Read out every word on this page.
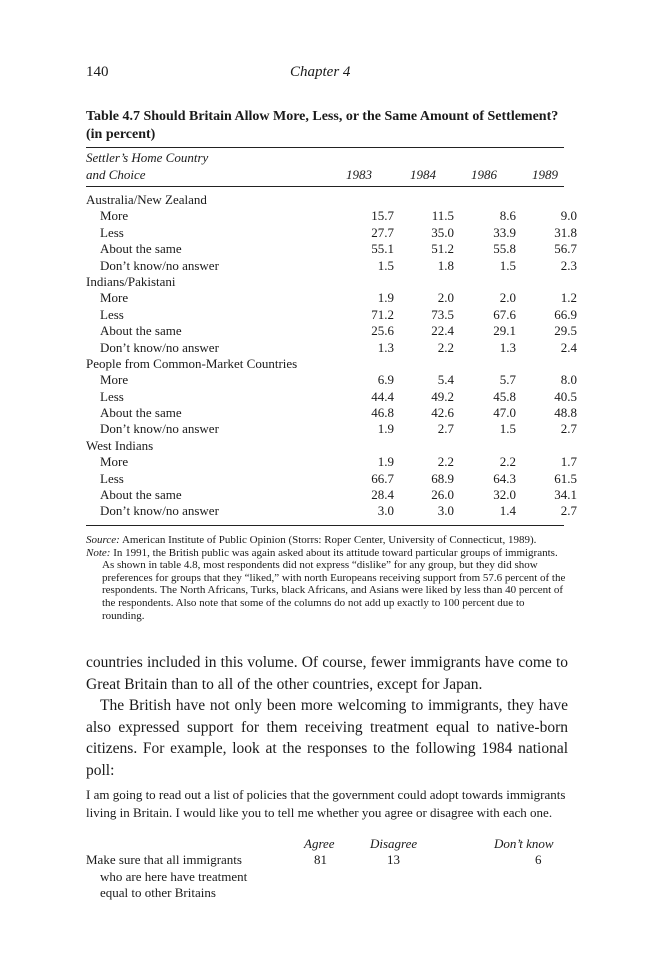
140	Chapter 4
Table 4.7 Should Britain Allow More, Less, or the Same Amount of Settlement? (in percent)
Settler’s Home Country
and Choice	1983	1984	1986	1989
Australia/New Zealand
More	15.7	11.5	8.6	9.0
Less	27.7	35.0	33.9	31.8
About the same	55.1	51.2	55.8	56.7
Don’t know/no answer	1.5	1.8	1.5	2.3
Indians/Pakistani
More	1.9	2.0	2.0	1.2
Less	71.2	73.5	67.6	66.9
About the same	25.6	22.4	29.1	29.5
Don’t know/no answer	1.3	2.2	1.3	2.4
People from Common-Market Countries
More	6.9	5.4	5.7	8.0
Less	44.4	49.2	45.8	40.5
About the same	46.8	42.6	47.0	48.8
Don’t know/no answer	1.9	2.7	1.5	2.7
West Indians
More	1.9	2.2	2.2	1.7
Less	66.7	68.9	64.3	61.5
About the same	28.4	26.0	32.0	34.1
Don’t know/no answer	3.0	3.0	1.4	2.7

Source: American Institute of Public Opinion (Storrs: Roper Center, University of Connecticut, 1989).

Note: In 1991, the British public was again asked about its attitude toward particular groups of immigrants. As shown in table 4.8, most respondents did not express “dislike” for any group, but they did show preferences for groups that they “liked,” with north Europeans receiving support from 57.6 percent of the respondents. The North Africans, Turks, black Africans, and Asians were liked by less than 40 percent of the respondents. Also note that some of the columns do not add up exactly to 100 percent due to rounding.

countries included in this volume. Of course, fewer immigrants have come to Great Britain than to all of the other countries, except for Japan.

The British have not only been more welcoming to immigrants, they have also expressed support for them receiving treatment equal to native-born citizens. For example, look at the responses to the following 1984 national poll:

I am going to read out a list of policies that the government could adopt towards immigrants living in Britain. I would like you to tell me whether you agree or disagree with each one.
Agree	Disagree	Don’t know
Make sure that all immigrants
who are here have treatment
equal to other Britains
81	13	6
